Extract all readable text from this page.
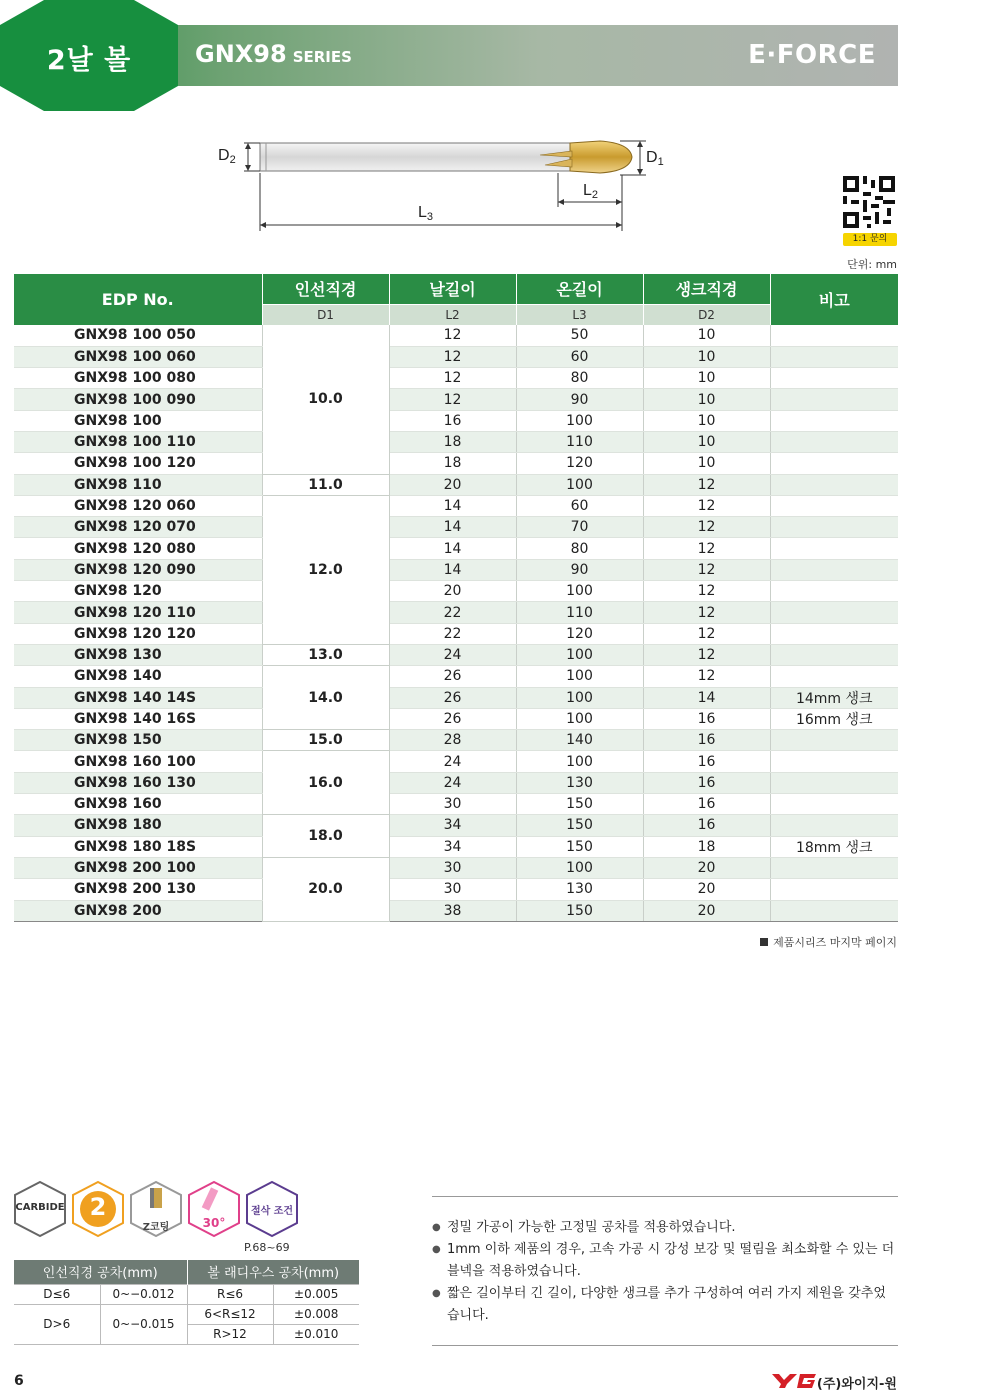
2날 볼	GNX98 SERIES	E·FORCE
$D_2$	$D_1$
$L_2$
$L_3$
1:1 문의
단위: mm
EDP No.	인선직경	날길이	온길이	생크직경	비고
	D1	L2	L3	D2	
GNX98 100 050	10.0	12	50	10	
GNX98 100 060		12	60	10	
GNX98 100 080		12	80	10	
GNX98 100 090		12	90	10	
GNX98 100		16	100	10	
GNX98 100 110		18	110	10	
GNX98 100 120		18	120	10	
GNX98 110	11.0	20	100	12	
GNX98 120 060	12.0	14	60	12	
GNX98 120 070		14	70	12	
GNX98 120 080		14	80	12	
GNX98 120 090		14	90	12	
GNX98 120		20	100	12	
GNX98 120 110		22	110	12	
GNX98 120 120		22	120	12	
GNX98 130	13.0	24	100	12	
GNX98 140	14.0	26	100	12	
GNX98 140 14S		26	100	14	14mm 생크
GNX98 140 16S		26	100	16	16mm 생크
GNX98 150	15.0	28	140	16	
GNX98 160 100	16.0	24	100	16	
GNX98 160 130		24	130	16	
GNX98 160		30	150	16	
GNX98 180	18.0	34	150	16	
GNX98 180 18S		34	150	18	18mm 생크
GNX98 200 100	20.0	30	100	20	
GNX98 200 130		30	130	20	
GNX98 200		38	150	20	
제품시리즈 마지막 페이지
CARBIDE	2
Z코팅	30°
절삭 조건
P.68~69
인선직경 공차(mm)		볼 래디우스 공차(mm)	
D≤6	0~−0.012	R≤6	±0.005
D>6	0~−0.015	6<R≤12	±0.008
		R>12	±0.010
● 정밀 가공이 가능한 고정밀 공차를 적용하였습니다.
● 1mm 이하 제품의 경우, 고속 가공 시 강성 보강 및 떨림을 최소화할 수 있는 더블넥을 적용하였습니다.
● 짧은 길이부터 긴 길이, 다양한 생크를 추가 구성하여 여러 가지 제원을 갖추었습니다.
6
YG
(주)와이지-원
